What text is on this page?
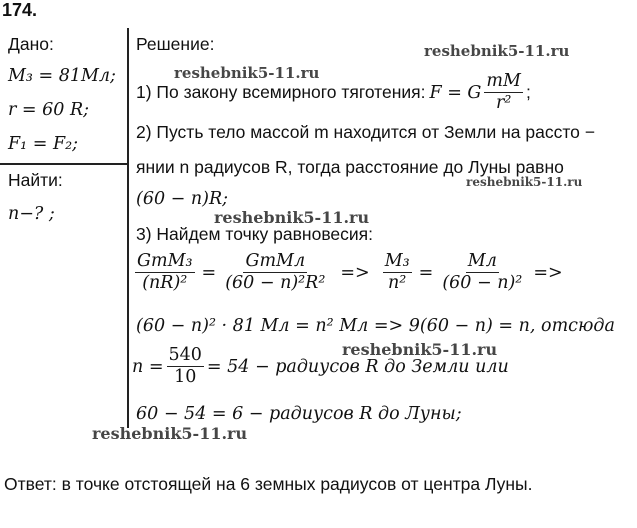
174.
Дано:
M₃ = 81Mл;
r = 60 R;
F₁ = F₂;
Найти:
n−? ;
Решение:
1) По закону всемирного тяготения: F = G $\frac{mM}{\text{r²}}$ ;
2) Пусть тело массой m находится от Земли на рассто −
янии n радиусов R, тогда расстояние до Луны равно
(60 − n)R;
3) Найдем точку равновесия:
$\frac{\text{GmM₃}}{\text{(nR)²}} = \frac{\text{GmMл}}{\text{(60 − n)²R²}} => \frac{\text{M₃}}{\text{n²}} = \frac{Mл}{\text{(60 − n)²}}$ =>
(60 − n)² · 81 Mл = n² Mл => 9(60 − n) = n, отсюда
$n = \frac{540}{10} = 54$ − радиусов R до Земли или
60 − 54 = 6 − радиусов R до Луны;
Ответ: в точке отстоящей на 6 земных радиусов от центра Луны.
reshebnik5-11.ru
reshebnik5-11.ru
reshebnik5-11.ru
reshebnik5-11.ru
reshebnik5-11.ru
reshebnik5-11.ru
